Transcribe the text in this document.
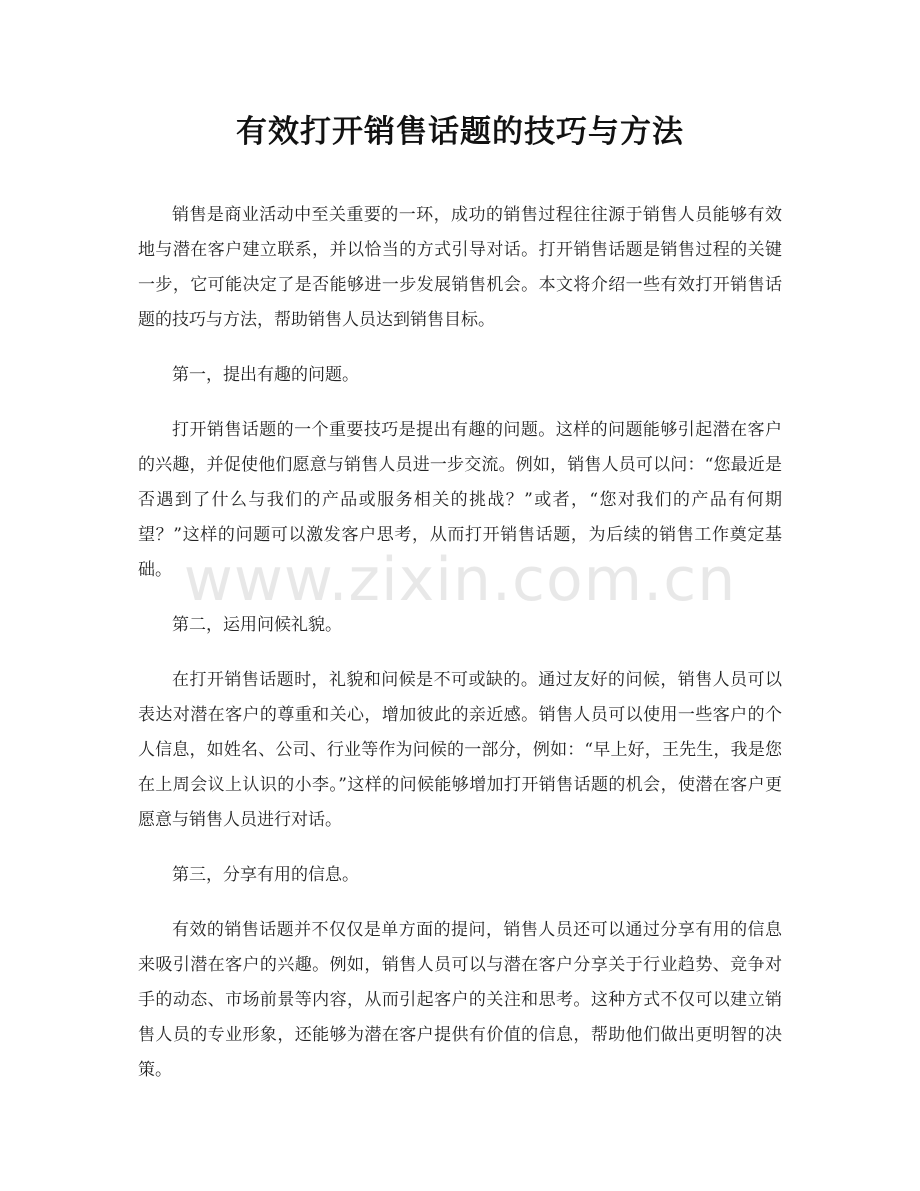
有效打开销售话题的技巧与方法

销售是商业活动中至关重要的一环，成功的销售过程往往源于销售人员能够有效地与潜在客户建立联系，并以恰当的方式引导对话。打开销售话题是销售过程的关键一步，它可能决定了是否能够进一步发展销售机会。本文将介绍一些有效打开销售话题的技巧与方法，帮助销售人员达到销售目标。

第一，提出有趣的问题。

打开销售话题的一个重要技巧是提出有趣的问题。这样的问题能够引起潜在客户的兴趣，并促使他们愿意与销售人员进一步交流。例如，销售人员可以问：“您最近是否遇到了什么与我们的产品或服务相关的挑战？”或者，“您对我们的产品有何期望？”这样的问题可以激发客户思考，从而打开销售话题，为后续的销售工作奠定基础。

第二，运用问候礼貌。

在打开销售话题时，礼貌和问候是不可或缺的。通过友好的问候，销售人员可以表达对潜在客户的尊重和关心，增加彼此的亲近感。销售人员可以使用一些客户的个人信息，如姓名、公司、行业等作为问候的一部分，例如：“早上好，王先生，我是您在上周会议上认识的小李。”这样的问候能够增加打开销售话题的机会，使潜在客户更愿意与销售人员进行对话。

第三，分享有用的信息。

有效的销售话题并不仅仅是单方面的提问，销售人员还可以通过分享有用的信息来吸引潜在客户的兴趣。例如，销售人员可以与潜在客户分享关于行业趋势、竞争对手的动态、市场前景等内容，从而引起客户的关注和思考。这种方式不仅可以建立销售人员的专业形象，还能够为潜在客户提供有价值的信息，帮助他们做出更明智的决策。

www.zixin.com.cn
